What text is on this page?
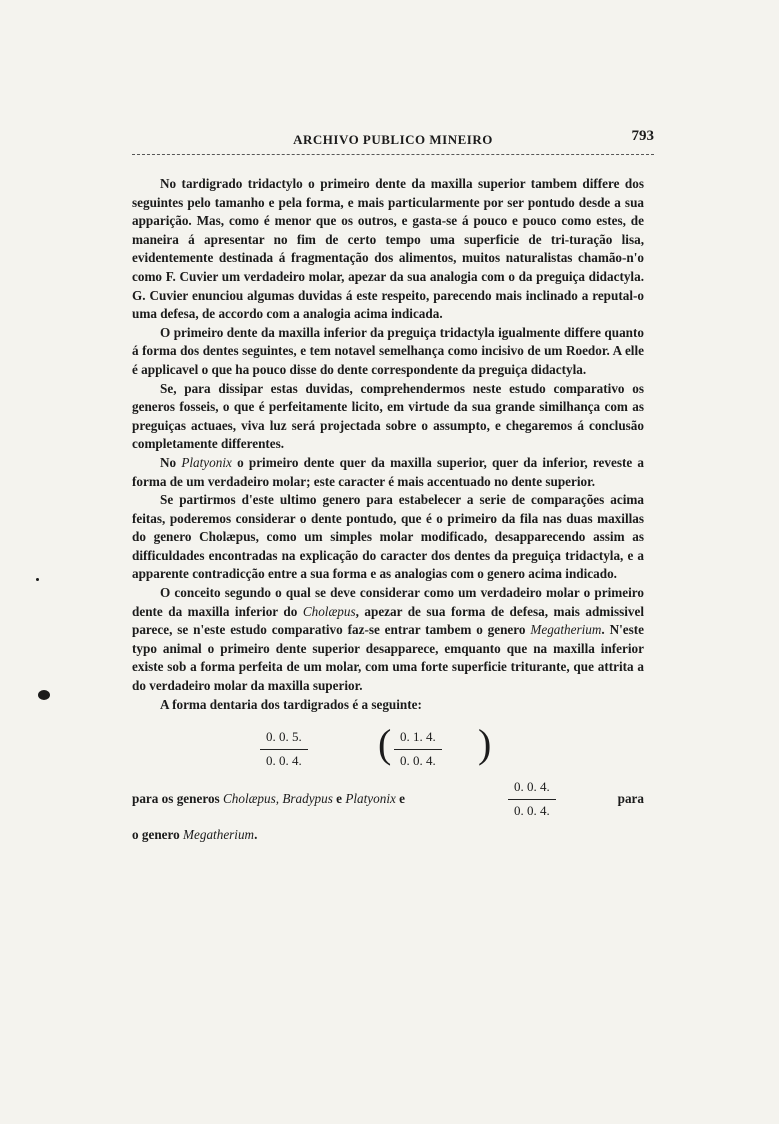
ARCHIVO PUBLICO MINEIRO	793

No tardigrado tridactylo o primeiro dente da maxilla superior tambem differe dos seguintes pelo tamanho e pela forma, e mais particularmente por ser pontudo desde a sua apparição. Mas, como é menor que os outros, e gasta-se á pouco e pouco como estes, de maneira á apresentar no fim de certo tempo uma superficie de tri-turação lisa, evidentemente destinada á fragmentação dos alimentos, muitos naturalistas chamão-n'o como F. Cuvier um verdadeiro molar, apezar da sua analogia com o da preguiça didactyla. G. Cuvier enunciou algumas duvidas á este respeito, parecendo mais inclinado a reputal-o uma defesa, de accordo com a analogia acima indicada.

O primeiro dente da maxilla inferior da preguiça tridactyla igualmente differe quanto á forma dos dentes seguintes, e tem notavel semelhança como incisivo de um Roedor. A elle é applicavel o que ha pouco disse do dente correspondente da preguiça didactyla.

Se, para dissipar estas duvidas, comprehendermos neste estudo comparativo os generos fosseis, o que é perfeitamente licito, em virtude da sua grande similhança com as preguiças actuaes, viva luz será projectada sobre o assumpto, e chegaremos á conclusão completamente differentes.

No Platyonix o primeiro dente quer da maxilla superior, quer da inferior, reveste a forma de um verdadeiro molar; este caracter é mais accentuado no dente superior.

Se partirmos d'este ultimo genero para estabelecer a serie de comparações acima feitas, poderemos considerar o dente pontudo, que é o primeiro da fila nas duas maxillas do genero Cholæpus, como um simples molar modificado, desapparecendo assim as difficuldades encontradas na explicação do caracter dos dentes da preguiça tridactyla, e a apparente contradicção entre a sua forma e as analogias com o genero acima indicado.

O conceito segundo o qual se deve considerar como um verdadeiro molar o primeiro dente da maxilla inferior do Cholæpus, apezar de sua forma de defesa, mais admissivel parece, se n'este estudo comparativo faz-se entrar tambem o genero Megatherium. N'este typo animal o primeiro dente superior desapparece, emquanto que na maxilla inferior existe sob a forma perfeita de um molar, com uma forte superficie triturante, que attrita a do verdadeiro molar da maxilla superior.

A forma dentaria dos tardigrados é a seguinte:

$\frac{0. 0. 5.}{0. 0. 4.}$ ( $\frac{0. 1. 4.}{0. 0. 4.}$ )
para os generos Cholæpus, Bradypus e Platyonix e	$\frac{0. 0. 4.}{0. 0. 4.}$	para

o genero Megatherium.
